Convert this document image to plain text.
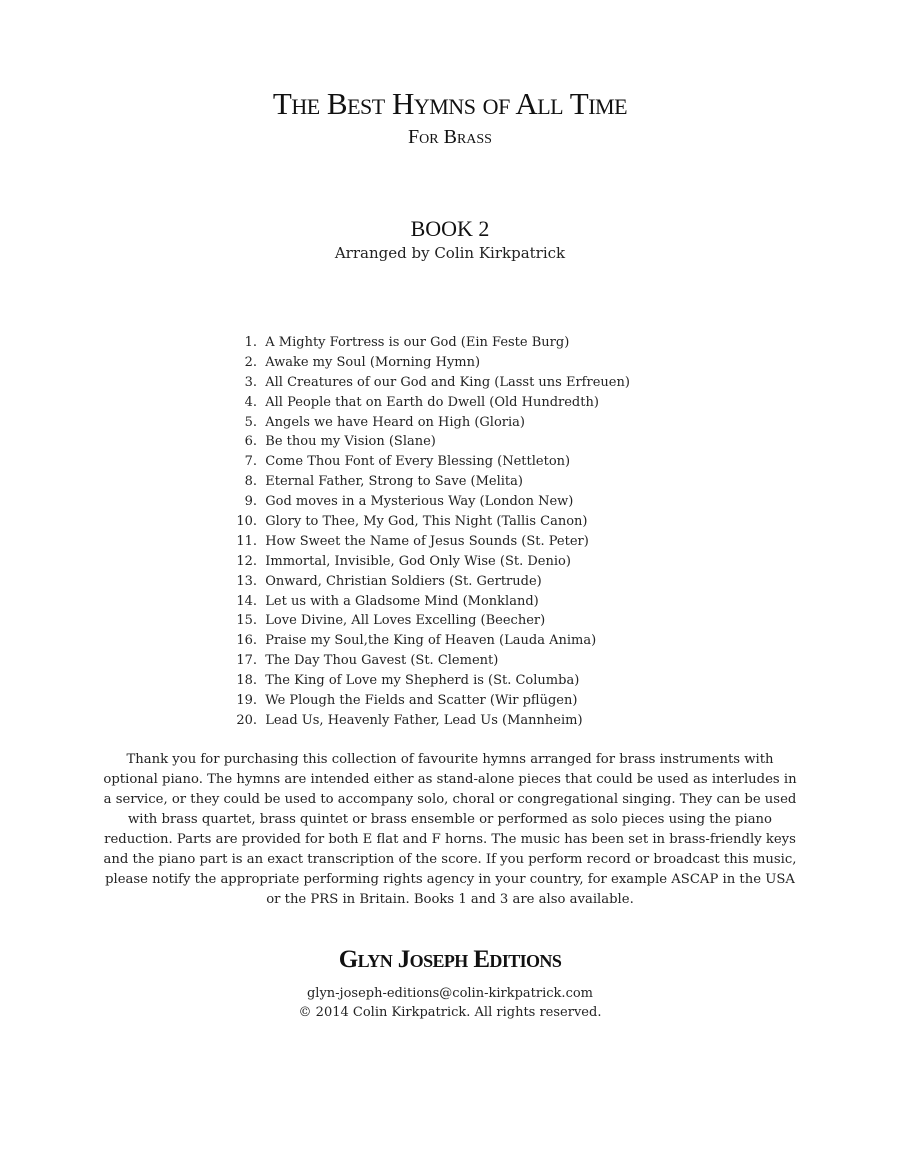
The Best Hymns of All Time
For Brass
BOOK 2
Arranged by Colin Kirkpatrick
1. A Mighty Fortress is our God (Ein Feste Burg)
2. Awake my Soul (Morning Hymn)
3. All Creatures of our God and King (Lasst uns Erfreuen)
4. All People that on Earth do Dwell (Old Hundredth)
5. Angels we have Heard on High (Gloria)
6. Be thou my Vision (Slane)
7. Come Thou Font of Every Blessing (Nettleton)
8. Eternal Father, Strong to Save (Melita)
9. God moves in a Mysterious Way (London New)
10. Glory to Thee, My God, This Night (Tallis Canon)
11. How Sweet the Name of Jesus Sounds (St. Peter)
12. Immortal, Invisible, God Only Wise (St. Denio)
13. Onward, Christian Soldiers (St. Gertrude)
14. Let us with a Gladsome Mind (Monkland)
15. Love Divine, All Loves Excelling (Beecher)
16. Praise my Soul,the King of Heaven (Lauda Anima)
17. The Day Thou Gavest (St. Clement)
18. The King of Love my Shepherd is (St. Columba)
19. We Plough the Fields and Scatter (Wir pflügen)
20. Lead Us, Heavenly Father, Lead Us (Mannheim)
Thank you for purchasing this collection of favourite hymns arranged for brass instruments with optional piano. The hymns are intended either as stand-alone pieces that could be used as interludes in a service, or they could be used to accompany solo, choral or congregational singing. They can be used with brass quartet, brass quintet or brass ensemble or performed as solo pieces using the piano reduction. Parts are provided for both E flat and F horns. The music has been set in brass-friendly keys and the piano part is an exact transcription of the score. If you perform record or broadcast this music, please notify the appropriate performing rights agency in your country, for example ASCAP in the USA or the PRS in Britain. Books 1 and 3 are also available.
Glyn Joseph Editions
glyn-joseph-editions@colin-kirkpatrick.com
© 2014 Colin Kirkpatrick. All rights reserved.
